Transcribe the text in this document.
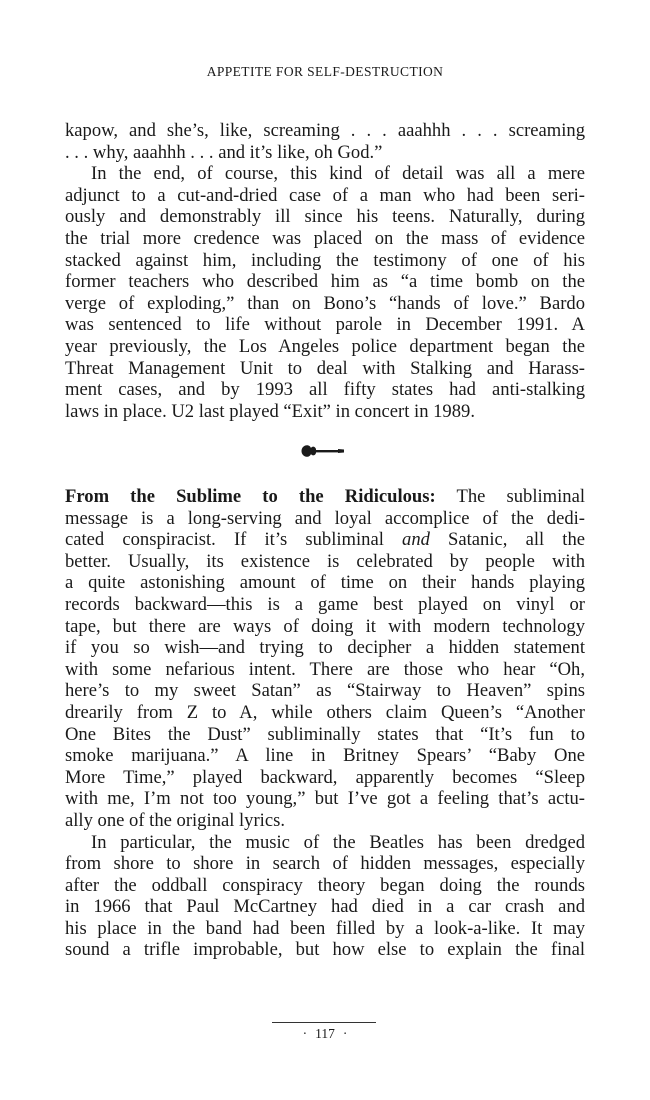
APPETITE FOR SELF-DESTRUCTION
kapow, and she’s, like, screaming . . . aaahhh . . . screaming
. . . why, aaahhh . . . and it’s like, oh God.”
In the end, of course, this kind of detail was all a mere
adjunct to a cut-and-dried case of a man who had been seri-
ously and demonstrably ill since his teens. Naturally, during
the trial more credence was placed on the mass of evidence
stacked against him, including the testimony of one of his
former teachers who described him as “a time bomb on the
verge of exploding,” than on Bono’s “hands of love.” Bardo
was sentenced to life without parole in December 1991. A
year previously, the Los Angeles police department began the
Threat Management Unit to deal with Stalking and Harass-
ment cases, and by 1993 all fifty states had anti-stalking
laws in place. U2 last played “Exit” in concert in 1989.
From the Sublime to the Ridiculous: The subliminal
message is a long-serving and loyal accomplice of the dedi-
cated conspiracist. If it’s subliminal and Satanic, all the
better. Usually, its existence is celebrated by people with
a quite astonishing amount of time on their hands playing
records backward—this is a game best played on vinyl or
tape, but there are ways of doing it with modern technology
if you so wish—and trying to decipher a hidden statement
with some nefarious intent. There are those who hear “Oh,
here’s to my sweet Satan” as “Stairway to Heaven” spins
drearily from Z to A, while others claim Queen’s “Another
One Bites the Dust” subliminally states that “It’s fun to
smoke marijuana.” A line in Britney Spears’ “Baby One
More Time,” played backward, apparently becomes “Sleep
with me, I’m not too young,” but I’ve got a feeling that’s actu-
ally one of the original lyrics.
In particular, the music of the Beatles has been dredged
from shore to shore in search of hidden messages, especially
after the oddball conspiracy theory began doing the rounds
in 1966 that Paul McCartney had died in a car crash and
his place in the band had been filled by a look-a-like. It may
sound a trifle improbable, but how else to explain the final
· 117 ·
